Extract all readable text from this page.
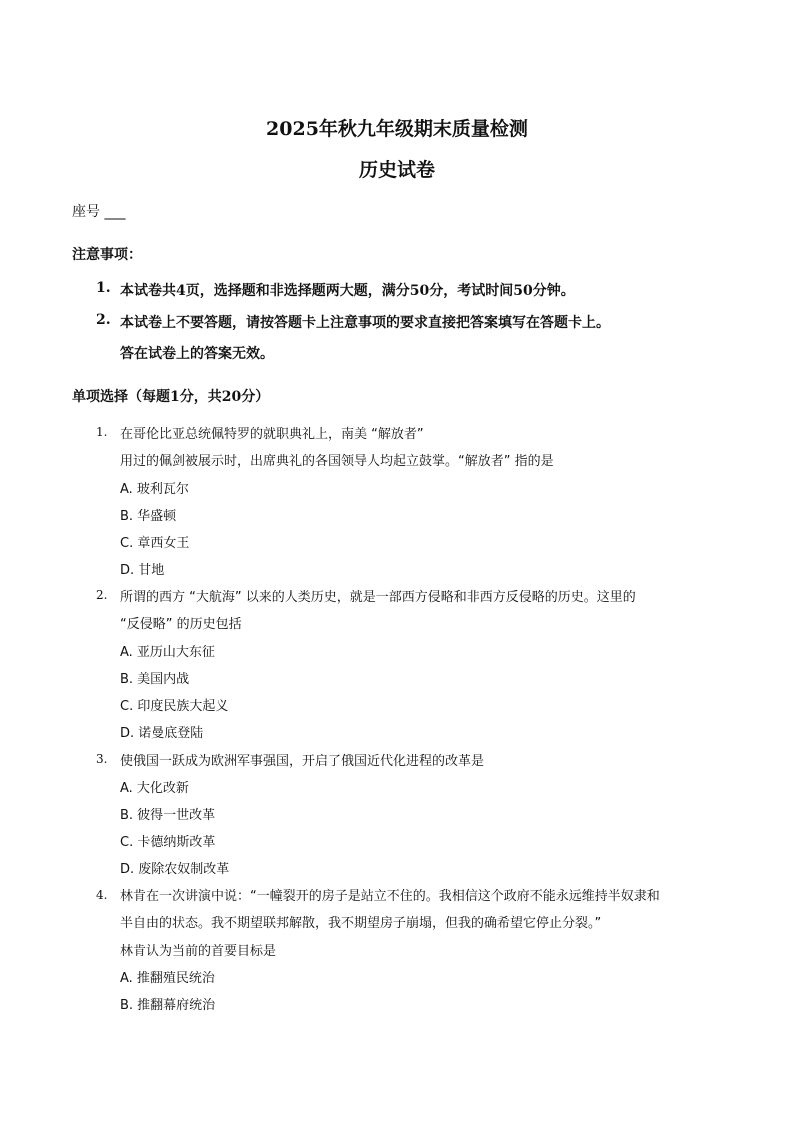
2025年秋九年级期末质量检测
历史试卷
座号 ___
注意事项：
1. 本试卷共4页，选择题和非选择题两大题，满分50分，考试时间50分钟。
2. 本试卷上不要答题，请按答题卡上注意事项的要求直接把答案填写在答题卡上。
答在试卷上的答案无效。
单项选择（每题1分，共20分）
1. 在哥伦比亚总统佩特罗的就职典礼上，南美 “解放者”
用过的佩剑被展示时，出席典礼的各国领导人均起立鼓掌。“解放者” 指的是
A. 玻利瓦尔
B. 华盛顿
C. 章西女王
D. 甘地
2. 所谓的西方 “大航海” 以来的人类历史，就是一部西方侵略和非西方反侵略的历史。这里的
“反侵略” 的历史包括
A. 亚历山大东征
B. 美国内战
C. 印度民族大起义
D. 诺曼底登陆
3. 使俄国一跃成为欧洲军事强国，开启了俄国近代化进程的改革是
A. 大化改新
B. 彼得一世改革
C. 卡德纳斯改革
D. 废除农奴制改革
4. 林肯在一次讲演中说：“一幢裂开的房子是站立不住的。我相信这个政府不能永远维持半奴隶和
半自由的状态。我不期望联邦解散，我不期望房子崩塌，但我的确希望它停止分裂。”
林肯认为当前的首要目标是
A. 推翻殖民统治
B. 推翻幕府统治
